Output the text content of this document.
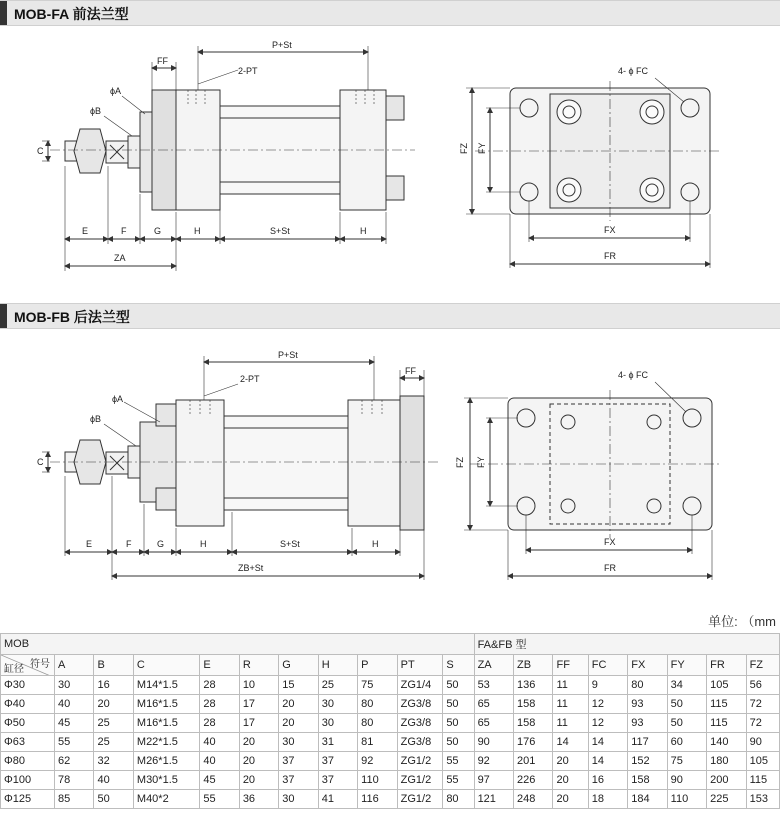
MOB-FA 前法兰型
FF
P+St
2-PT
ϕA
ϕB
C
E	F	G	H	S+St	H
ZA
4- ϕ FC
FZ FY
FX
FR
MOB-FB 后法兰型
P+St
FF
2-PT
ϕA
ϕB
C
E	F	G	H	S+St	H
ZB+St
4- ϕ FC
FZ FY
FX
FR
单位: （mm
MOB											FA&FB 型							

符号
缸径	A	B	C	E	R	G	H	P	PT	S	ZA	ZB	FF	FC	FX	FY	FR	FZ
Φ30	30	16	M14*1.5	28	10	15	25	75	ZG1/4	50	53	136	11	9	80	34	105	56
Φ40	40	20	M16*1.5	28	17	20	30	80	ZG3/8	50	65	158	11	12	93	50	115	72
Φ50	45	25	M16*1.5	28	17	20	30	80	ZG3/8	50	65	158	11	12	93	50	115	72
Φ63	55	25	M22*1.5	40	20	30	31	81	ZG3/8	50	90	176	14	14	117	60	140	90
Φ80	62	32	M26*1.5	40	20	37	37	92	ZG1/2	55	92	201	20	14	152	75	180	105
Φ100	78	40	M30*1.5	45	20	37	37	110	ZG1/2	55	97	226	20	16	158	90	200	115
Φ125	85	50	M40*2	55	36	30	41	116	ZG1/2	80	121	248	20	18	184	110	225	153
